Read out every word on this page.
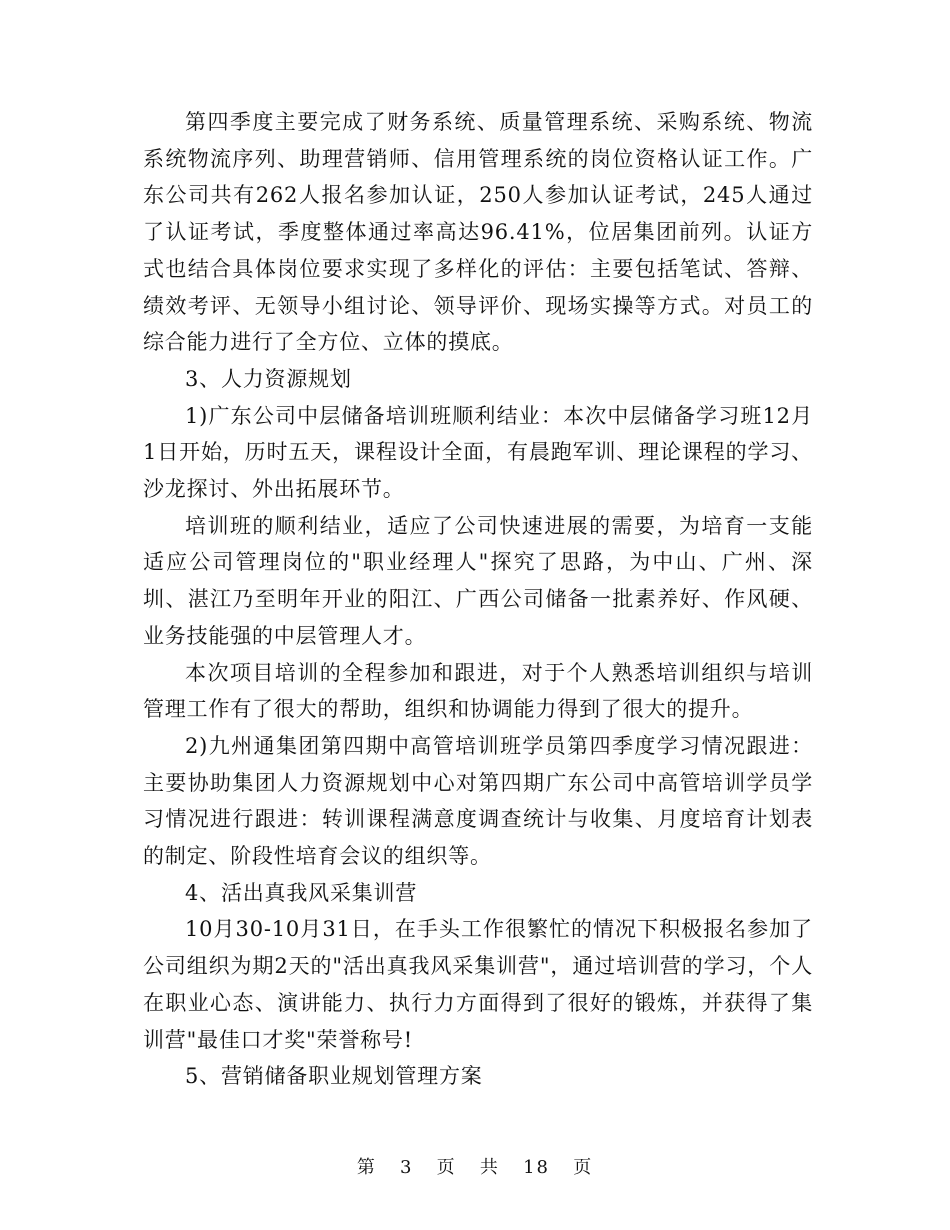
第四季度主要完成了财务系统、质量管理系统、采购系统、物流系统物流序列、助理营销师、信用管理系统的岗位资格认证工作。广东公司共有262人报名参加认证，250人参加认证考试，245人通过了认证考试，季度整体通过率高达96.41%，位居集团前列。认证方式也结合具体岗位要求实现了多样化的评估：主要包括笔试、答辩、绩效考评、无领导小组讨论、领导评价、现场实操等方式。对员工的综合能力进行了全方位、立体的摸底。

3、人力资源规划

1)广东公司中层储备培训班顺利结业：本次中层储备学习班12月1日开始，历时五天，课程设计全面，有晨跑军训、理论课程的学习、沙龙探讨、外出拓展环节。

培训班的顺利结业，适应了公司快速进展的需要，为培育一支能适应公司管理岗位的"职业经理人"探究了思路，为中山、广州、深圳、湛江乃至明年开业的阳江、广西公司储备一批素养好、作风硬、业务技能强的中层管理人才。

本次项目培训的全程参加和跟进，对于个人熟悉培训组织与培训管理工作有了很大的帮助，组织和协调能力得到了很大的提升。

2)九州通集团第四期中高管培训班学员第四季度学习情况跟进：主要协助集团人力资源规划中心对第四期广东公司中高管培训学员学习情况进行跟进：转训课程满意度调查统计与收集、月度培育计划表的制定、阶段性培育会议的组织等。

4、活出真我风采集训营

10月30-10月31日，在手头工作很繁忙的情况下积极报名参加了公司组织为期2天的"活出真我风采集训营"，通过培训营的学习，个人在职业心态、演讲能力、执行力方面得到了很好的锻炼，并获得了集训营"最佳口才奖"荣誉称号!

5、营销储备职业规划管理方案

第 3 页 共 18 页
